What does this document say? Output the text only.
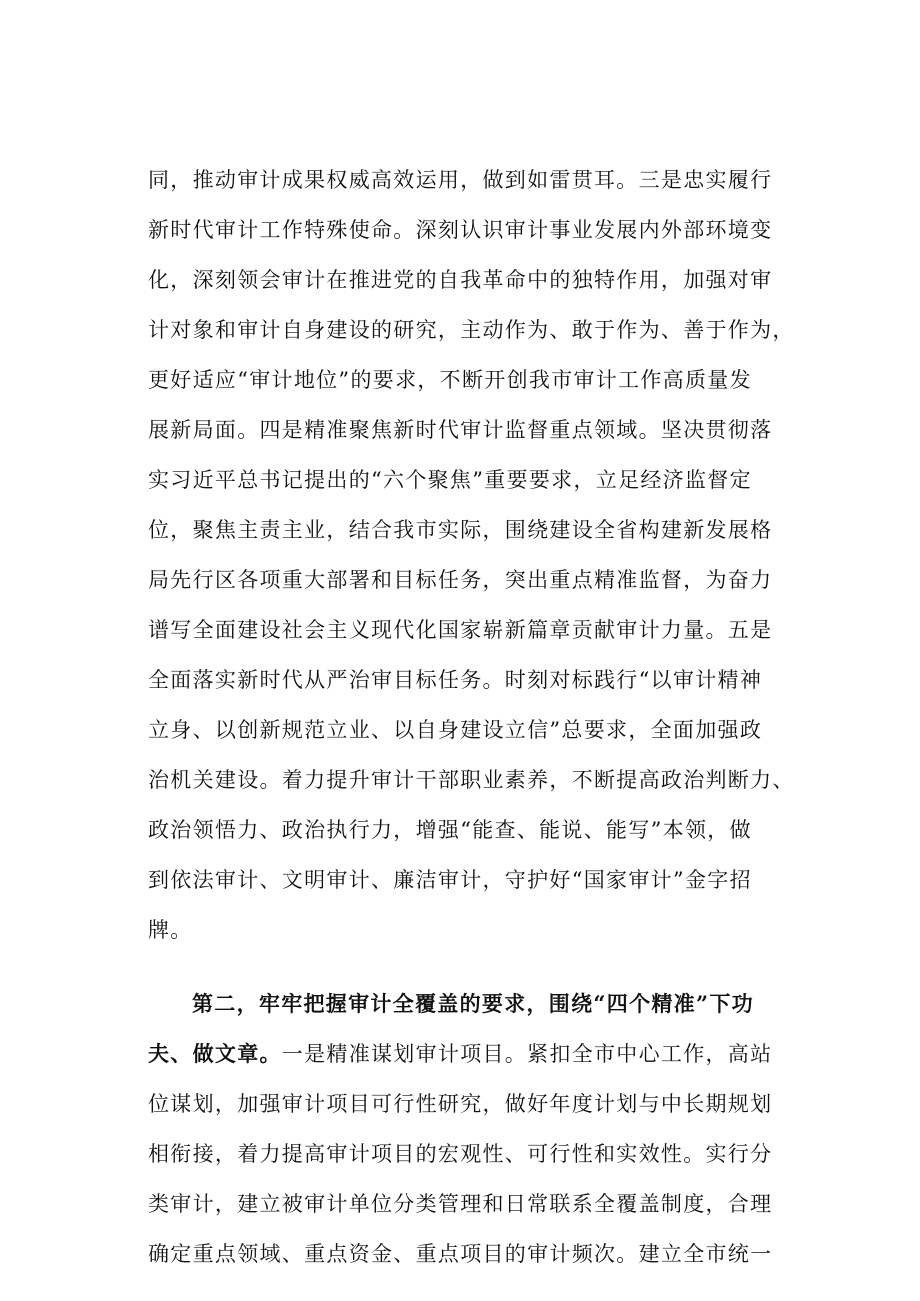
同，推动审计成果权威高效运用，做到如雷贯耳。三是忠实履行
新时代审计工作特殊使命。深刻认识审计事业发展内外部环境变
化，深刻领会审计在推进党的自我革命中的独特作用，加强对审
计对象和审计自身建设的研究，主动作为、敢于作为、善于作为，
更好适应“审计地位”的要求，不断开创我市审计工作高质量发
展新局面。四是精准聚焦新时代审计监督重点领域。坚决贯彻落
实习近平总书记提出的“六个聚焦”重要要求，立足经济监督定
位，聚焦主责主业，结合我市实际，围绕建设全省构建新发展格
局先行区各项重大部署和目标任务，突出重点精准监督，为奋力
谱写全面建设社会主义现代化国家崭新篇章贡献审计力量。五是
全面落实新时代从严治审目标任务。时刻对标践行“以审计精神
立身、以创新规范立业、以自身建设立信”总要求，全面加强政
治机关建设。着力提升审计干部职业素养，不断提高政治判断力、
政治领悟力、政治执行力，增强“能查、能说、能写”本领，做
到依法审计、文明审计、廉洁审计，守护好“国家审计”金字招
牌。
第二，牢牢把握审计全覆盖的要求，围绕“四个精准”下功
夫、做文章。一是精准谋划审计项目。紧扣全市中心工作，高站
位谋划，加强审计项目可行性研究，做好年度计划与中长期规划
相衔接，着力提高审计项目的宏观性、可行性和实效性。实行分
类审计，建立被审计单位分类管理和日常联系全覆盖制度，合理
确定重点领域、重点资金、重点项目的审计频次。建立全市统一
